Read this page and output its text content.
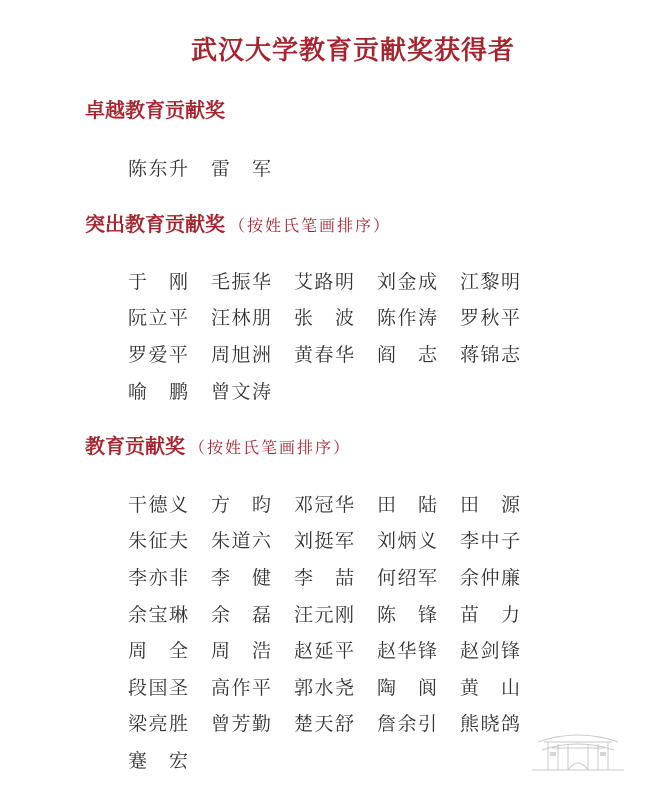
武汉大学教育贡献奖获得者
卓越教育贡献奖
陈 东 升 雷 军
突出教育贡献奖 （按姓氏笔画排序）
于 刚 毛 振 华 艾 路 明 刘 金 成 江 黎 明
阮 立 平 汪 林 朋 张 波 陈 作 涛 罗 秋 平
罗 爱 平 周 旭 洲 黄 春 华 阎 志 蒋 锦 志
喻 鹏 曾 文 涛
教育贡献奖 （按姓氏笔画排序）
干 德 义 方 昀 邓 冠 华 田 陆 田 源
朱 征 夫 朱 道 六 刘 挺 军 刘 炳 义 李 中 子
李 亦 非 李 健 李 喆 何 绍 军 余 仲 廉
余 宝 琳 余 磊 汪 元 刚 陈 锋 苗 力
周 全 周 浩 赵 延 平 赵 华 锋 赵 剑 锋
段 国 圣 高 作 平 郭 水 尧 陶 阆 黄 山
梁 亮 胜 曾 芳 勤 楚 天 舒 詹 余 引 熊 晓 鸽
蹇 宏
